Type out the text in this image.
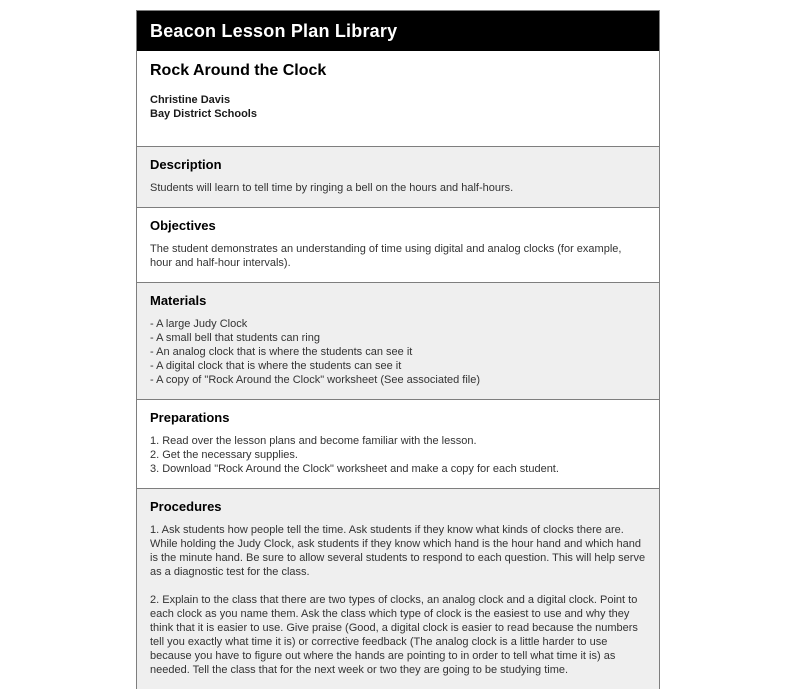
Beacon Lesson Plan Library
Rock Around the Clock
Christine Davis
Bay District Schools
Description
Students will learn to tell time by ringing a bell on the hours and half-hours.
Objectives
The student demonstrates an understanding of time using digital and analog clocks (for example, hour and half-hour intervals).
Materials
- A large Judy Clock
- A small bell that students can ring
- An analog clock that is where the students can see it
- A digital clock that is where the students can see it
- A copy of "Rock Around the Clock" worksheet (See associated file)
Preparations
1. Read over the lesson plans and become familiar with the lesson.
2. Get the necessary supplies.
3. Download "Rock Around the Clock" worksheet and make a copy for each student.
Procedures
1. Ask students how people tell the time. Ask students if they know what kinds of clocks there are. While holding the Judy Clock, ask students if they know which hand is the hour hand and which hand is the minute hand. Be sure to allow several students to respond to each question. This will help serve as a diagnostic test for the class.
2. Explain to the class that there are two types of clocks, an analog clock and a digital clock. Point to each clock as you name them. Ask the class which type of clock is the easiest to use and why they think that it is easier to use. Give praise (Good, a digital clock is easier to read because the numbers tell you exactly what time it is) or corrective feedback (The analog clock is a little harder to use because you have to figure out where the hands are pointing to in order to tell what time it is) as needed. Tell the class that for the next week or two they are going to be studying time.
